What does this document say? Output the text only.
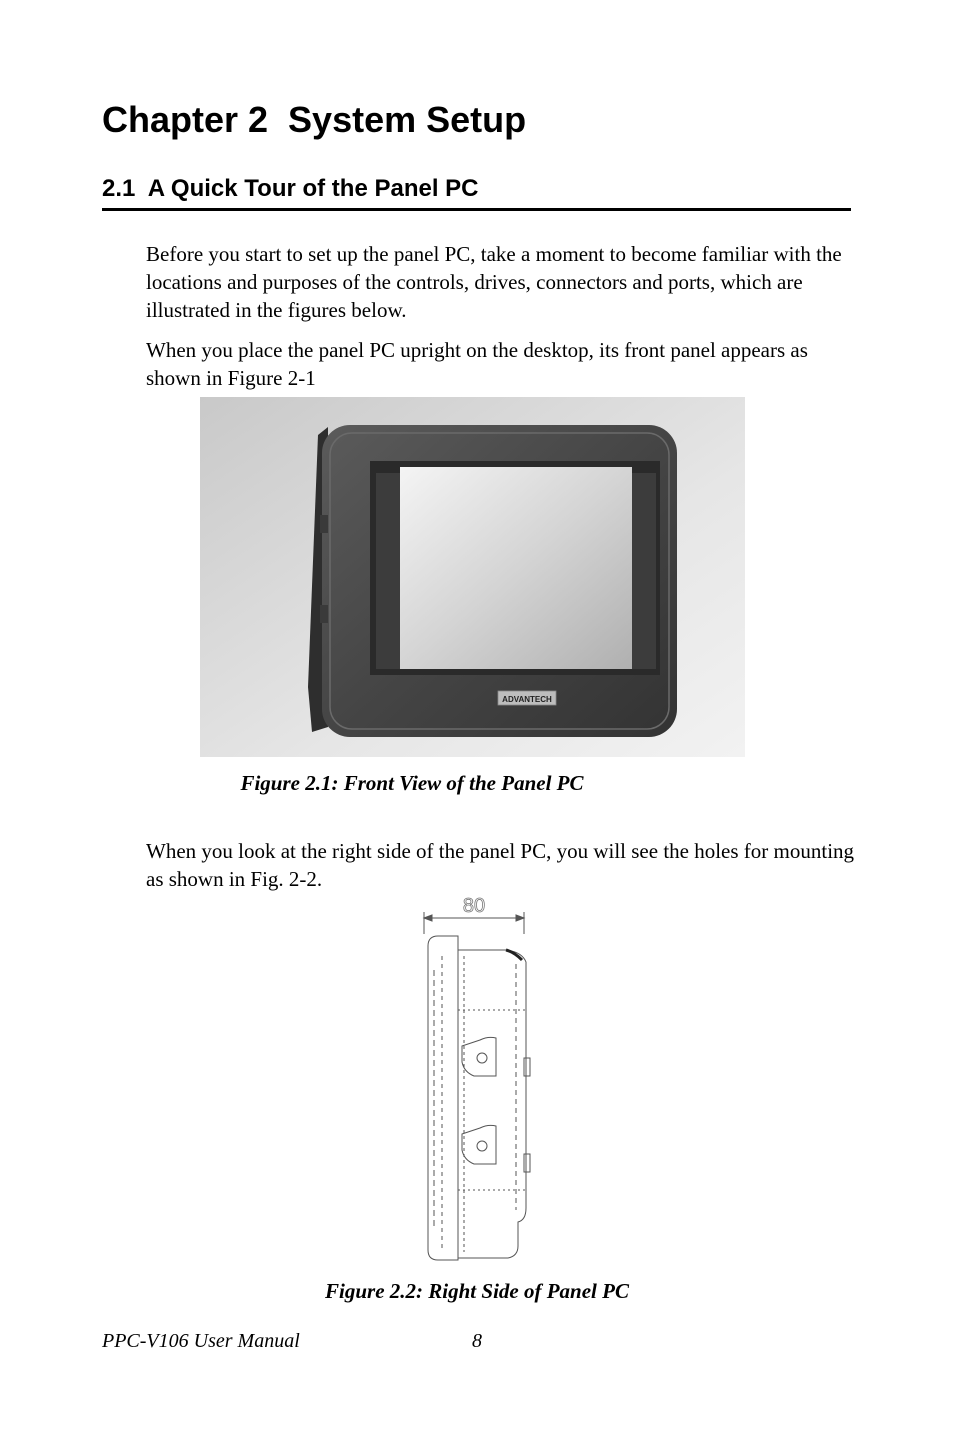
Chapter 2  System Setup
2.1  A Quick Tour of the Panel PC
Before you start to set up the panel PC, take a moment to become familiar with the locations and purposes of the controls, drives, connectors and ports, which are illustrated in the figures below.
When you place the panel PC upright on the desktop, its front panel appears as shown in Figure 2-1
ADVANTECH
Figure 2.1: Front View of the Panel PC
When you look at the right side of the panel PC, you will see the holes for mounting as shown in Fig. 2-2.
80
Figure 2.2: Right Side of Panel PC
PPC-V106 User Manual	8
